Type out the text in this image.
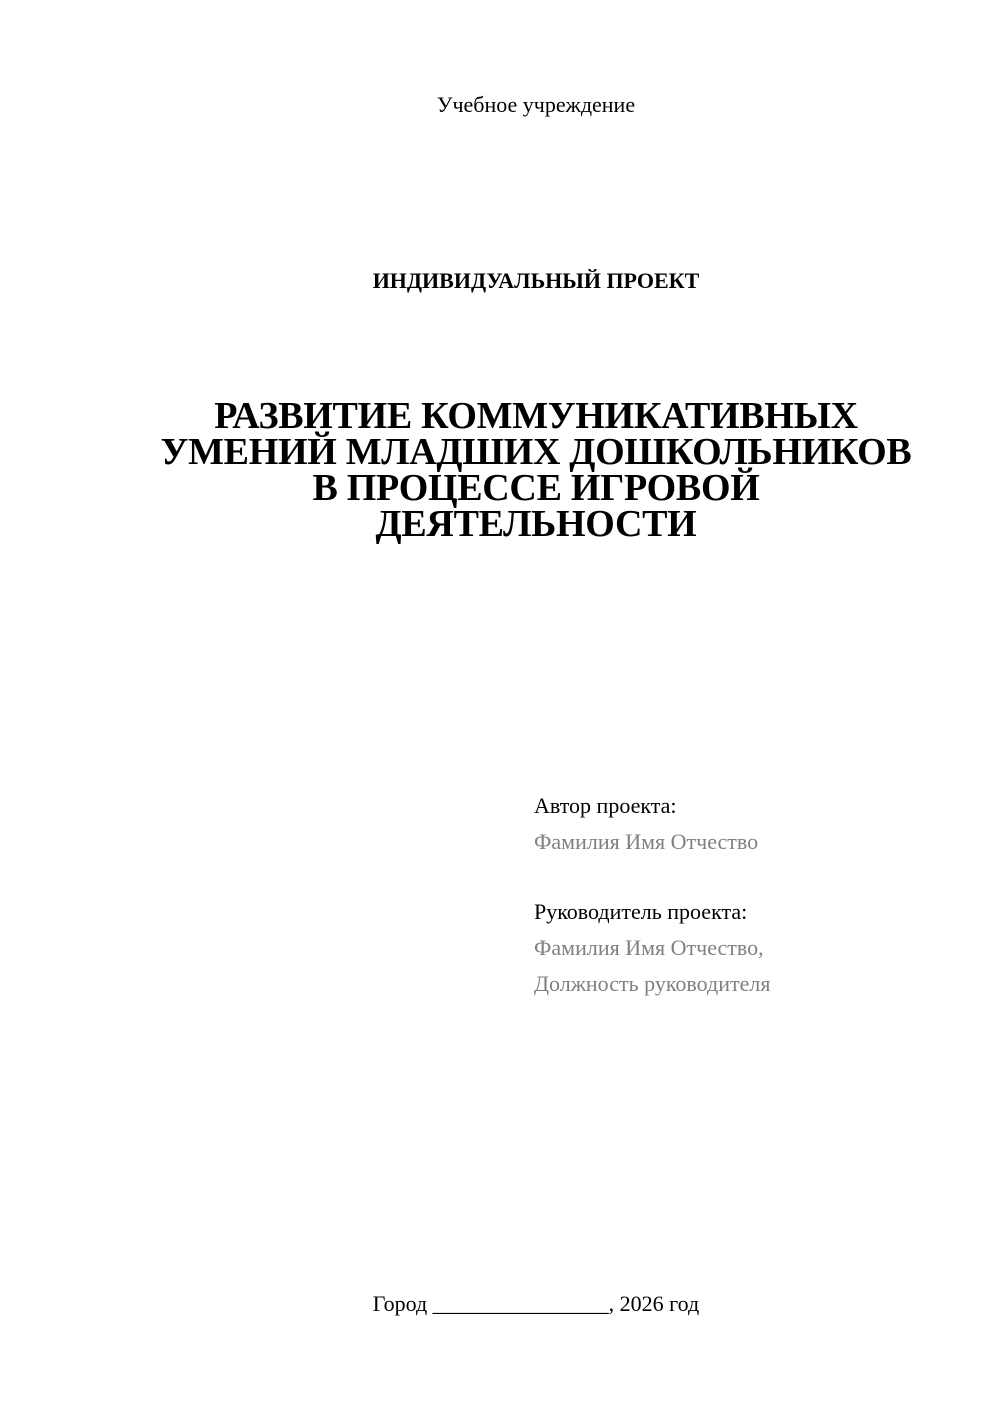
Учебное учреждение
ИНДИВИДУАЛЬНЫЙ ПРОЕКТ
РАЗВИТИЕ КОММУНИКАТИВНЫХ
УМЕНИЙ МЛАДШИХ ДОШКОЛЬНИКОВ
В ПРОЦЕССЕ ИГРОВОЙ
ДЕЯТЕЛЬНОСТИ
Автор проекта:
Фамилия Имя Отчество
Руководитель проекта:
Фамилия Имя Отчество,
Должность руководителя
Город ________________, 2026 год
